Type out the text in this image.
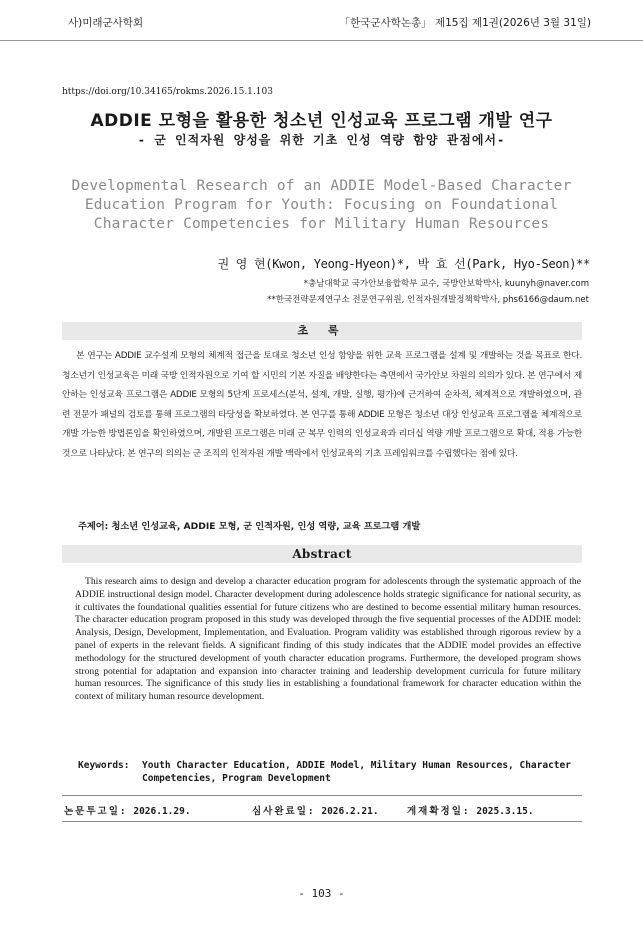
사)미래군사학회	「한국군사학논총」 제15집 제1권(2026년 3월 31일)
https://doi.org/10.34165/rokms.2026.15.1.103
ADDIE 모형을 활용한 청소년 인성교육 프로그램 개발 연구
- 군 인적자원 양성을 위한 기초 인성 역량 함양 관점에서-
Developmental Research of an ADDIE Model-Based Character Education Program for Youth: Focusing on Foundational Character Competencies for Military Human Resources
권 영 현(Kwon, Yeong-Hyeon)*, 박 효 선(Park, Hyo-Seon)**
*충남대학교 국가안보융합학부 교수, 국방안보학박사, kuunyh@naver.com
**한국전략문제연구소 전문연구위원, 인적자원개발정책학박사, phs6166@daum.net
초 록
본 연구는 ADDIE 교수설계 모형의 체계적 접근을 토대로 청소년 인성 함양을 위한 교육 프로그램을 설계 및 개발하는 것을 목표로 한다. 청소년기 인성교육은 미래 국방 인적자원으로 기여 할 시민의 기본 자질을 배양한다는 측면에서 국가안보 차원의 의의가 있다. 본 연구에서 제안하는 인성교육 프로그램은 ADDIE 모형의 5단계 프로세스(분석, 설계, 개발, 실행, 평가)에 근거하여 순차적, 체계적으로 개발하였으며, 관련 전문가 패널의 검토를 통해 프로그램의 타당성을 확보하였다. 본 연구를 통해 ADDIE 모형은 청소년 대상 인성교육 프로그램을 체계적으로 개발 가능한 방법론임을 확인하였으며, 개발된 프로그램은 미래 군 복무 인력의 인성교육과 리더십 역량 개발 프로그램으로 확대, 적용 가능한 것으로 나타났다. 본 연구의 의의는 군 조직의 인적자원 개발 맥락에서 인성교육의 기초 프레임워크를 수립했다는 점에 있다.
주제어: 청소년 인성교육, ADDIE 모형, 군 인적자원, 인성 역량, 교육 프로그램 개발
Abstract
This research aims to design and develop a character education program for adolescents through the systematic approach of the ADDIE instructional design model. Character development during adolescence holds strategic significance for national security, as it cultivates the foundational qualities essential for future citizens who are destined to become essential military human resources. The character education program proposed in this study was developed through the five sequential processes of the ADDIE model: Analysis, Design, Development, Implementation, and Evaluation. Program validity was established through rigorous review by a panel of experts in the relevant fields. A significant finding of this study indicates that the ADDIE model provides an effective methodology for the structured development of youth character education programs. Furthermore, the developed program shows strong potential for adaptation and expansion into character training and leadership development curricula for future military human resources. The significance of this study lies in establishing a foundational framework for character education within the context of military human resource development.
Keywords:	Youth Character Education, ADDIE Model, Military Human Resources, Character Competencies, Program Development
논문투고일: 2026.1.29.	심사완료일: 2026.2.21.	게재확정일: 2025.3.15.
- 103 -
